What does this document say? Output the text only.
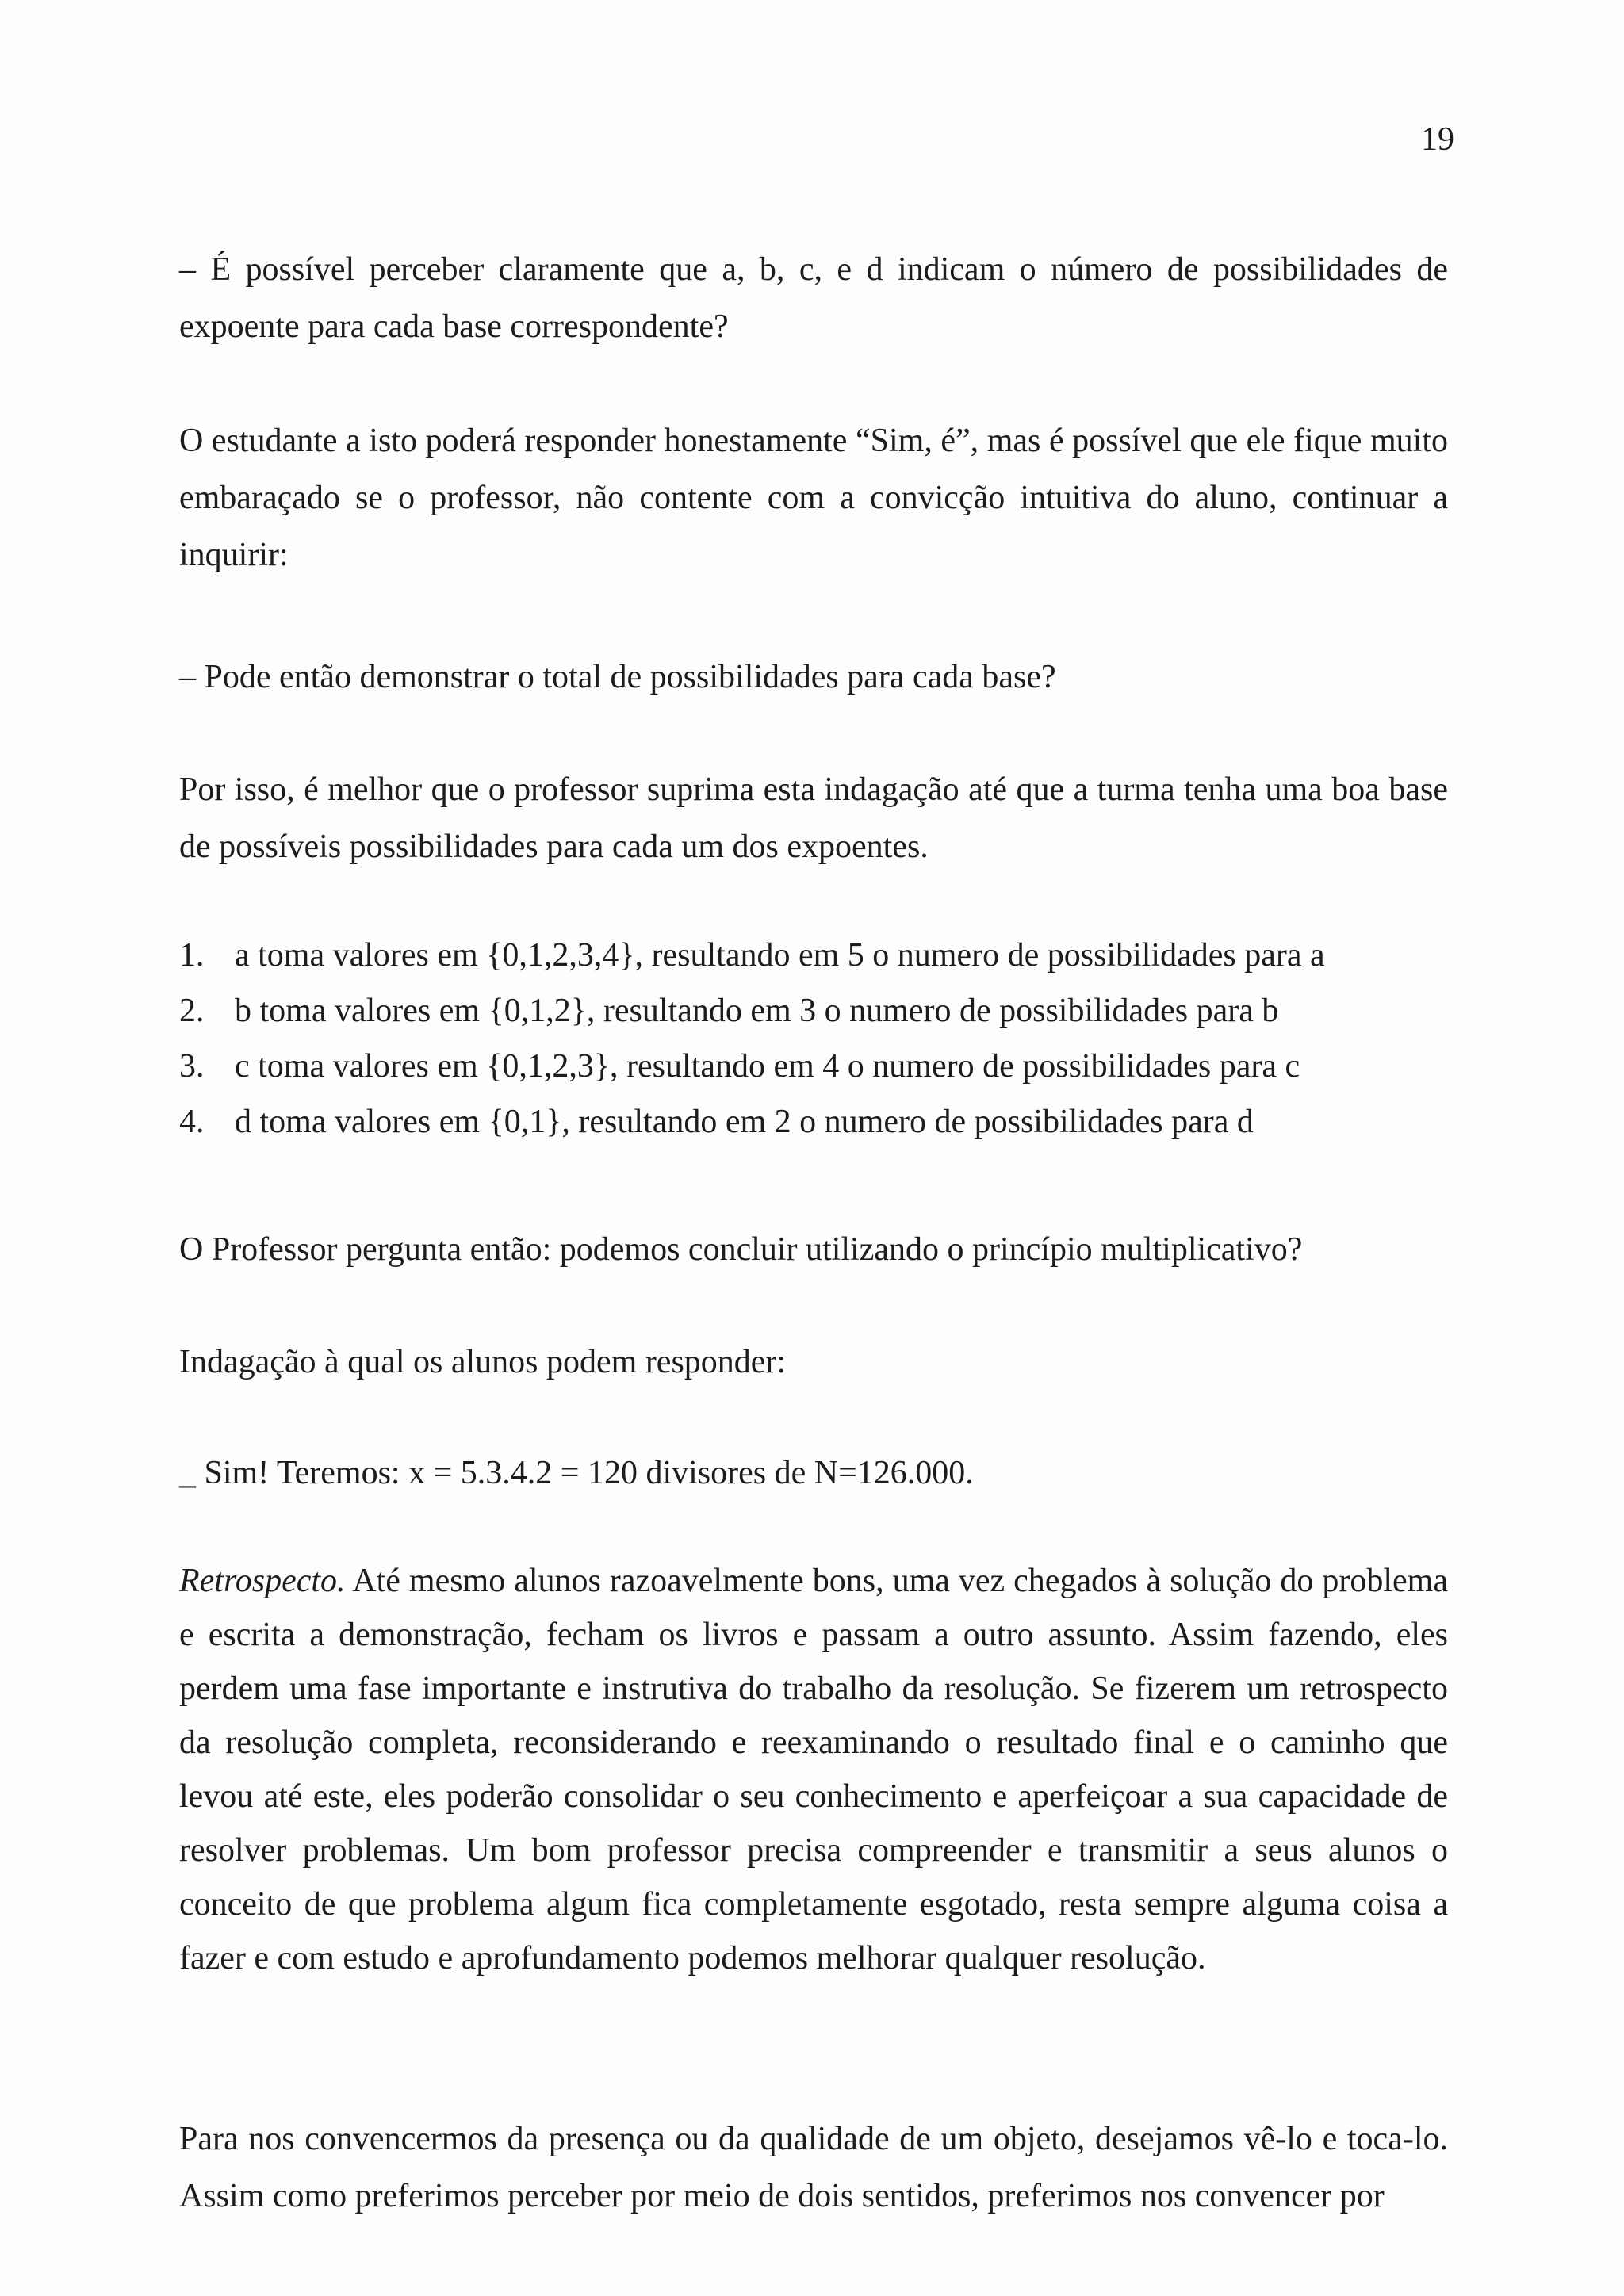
19

– É possível perceber claramente que a, b, c, e d indicam o número de possibilidades de expoente para cada base correspondente?

O estudante a isto poderá responder honestamente “Sim, é”, mas é possível que ele fique muito embaraçado se o professor, não contente com a convicção intuitiva do aluno, continuar a inquirir:

– Pode então demonstrar o total de possibilidades para cada base?

Por isso, é melhor que o professor suprima esta indagação até que a turma tenha uma boa base de possíveis possibilidades para cada um dos expoentes.

1. a toma valores em {0,1,2,3,4}, resultando em 5 o numero de possibilidades para a
2. b toma valores em {0,1,2}, resultando em 3 o numero de possibilidades para b
3. c toma valores em {0,1,2,3}, resultando em 4 o numero de possibilidades para c
4. d toma valores em {0,1}, resultando em 2 o numero de possibilidades para d

O Professor pergunta então: podemos concluir utilizando o princípio multiplicativo?

Indagação à qual os alunos podem responder:

_ Sim! Teremos: x = 5.3.4.2 = 120 divisores de N=126.000.

Retrospecto. Até mesmo alunos razoavelmente bons, uma vez chegados à solução do problema e escrita a demonstração, fecham os livros e passam a outro assunto. Assim fazendo, eles perdem uma fase importante e instrutiva do trabalho da resolução. Se fizerem um retrospecto da resolução completa, reconsiderando e reexaminando o resultado final e o caminho que levou até este, eles poderão consolidar o seu conhecimento e aperfeiçoar a sua capacidade de resolver problemas. Um bom professor precisa compreender e transmitir a seus alunos o conceito de que problema algum fica completamente esgotado, resta sempre alguma coisa a fazer e com estudo e aprofundamento podemos melhorar qualquer resolução.

Para nos convencermos da presença ou da qualidade de um objeto, desejamos vê-lo e toca-lo. Assim como preferimos perceber por meio de dois sentidos, preferimos nos convencer por
